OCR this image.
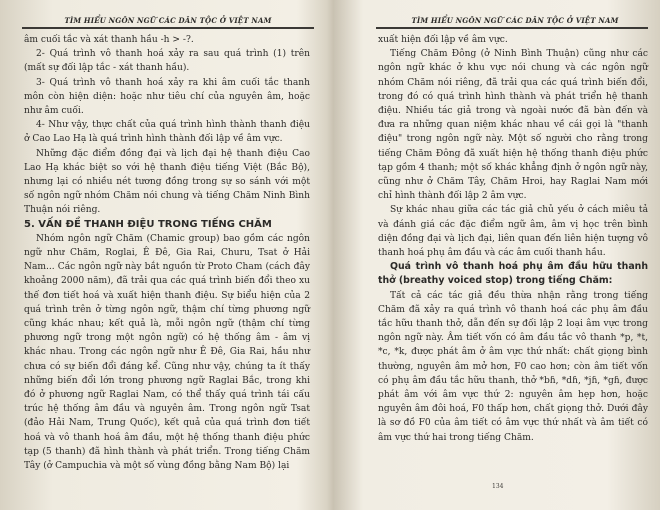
TÌM HIỂU NGÔN NGỮ CÁC DÂN TỘC Ở VIỆT NAM

âm cuối tắc và xát thanh hầu -h > -?.

2- Quá trình vô thanh hoá xảy ra sau quá trình (1) trên (mất sự đối lập tắc - xát thanh hầu).

3- Quá trình vô thanh hoá xảy ra khi âm cuối tắc thanh môn còn hiện diện: hoặc như tiêu chí của nguyên âm, hoặc như âm cuối.

4- Như vậy, thực chất của quá trình hình thành thanh điệu ở Cao Lao Hạ là quá trình hình thành đối lập về âm vực.

Những đặc điểm đồng đại và lịch đại hệ thanh điệu Cao Lao Hạ khác biệt so với hệ thanh điệu tiếng Việt (Bắc Bộ), nhưng lại có nhiều nét tương đồng trong sự so sánh với một số ngôn ngữ nhóm Chăm nói chung và tiếng Chăm Ninh Bình Thuận nói riêng.

5. VẤN ĐỀ THANH ĐIỆU TRONG TIẾNG CHĂM

Nhóm ngôn ngữ Chăm (Chamic group) bao gồm các ngôn ngữ như Chăm, Roglai, Ê Đê, Gia Rai, Churu, Tsat ở Hải Nam... Các ngôn ngữ này bắt nguồn từ Proto Cham (cách đây khoảng 2000 năm), đã trải qua các quá trình biến đổi theo xu thế đơn tiết hoá và xuất hiện thanh điệu. Sự biểu hiện của 2 quá trình trên ở từng ngôn ngữ, thậm chí từng phương ngữ cũng khác nhau; kết quả là, mỗi ngôn ngữ (thậm chí từng phương ngữ trong một ngôn ngữ) có hệ thống âm - âm vị khác nhau. Trong các ngôn ngữ như Ê Đê, Gia Rai, hầu như chưa có sự biến đổi đáng kể. Cũng như vậy, chúng ta ít thấy những biến đổi lớn trong phương ngữ Raglai Bắc, trong khi đó ở phương ngữ Raglai Nam, có thể thấy quá trình tái cấu trúc hệ thống âm đầu và nguyên âm. Trong ngôn ngữ Tsat (đảo Hải Nam, Trung Quốc), kết quả của quá trình đơn tiết hoá và vô thanh hoá âm đầu, một hệ thống thanh điệu phức tạp (5 thanh) đã hình thành và phát triển. Trong tiếng Chăm Tây (ở Campuchia và một số vùng đồng bằng Nam Bộ) lại

TÌM HIỂU NGÔN NGỮ CÁC DÂN TỘC Ở VIỆT NAM

xuất hiện đối lập về âm vực.

Tiếng Chăm Đông (ở Ninh Bình Thuận) cũng như các ngôn ngữ khác ở khu vực nói chung và các ngôn ngữ nhóm Chăm nói riêng, đã trải qua các quá trình biến đổi, trong đó có quá trình hình thành và phát triển hệ thanh điệu. Nhiều tác giả trong và ngoài nước đã bàn đến và đưa ra những quan niệm khác nhau về cái gọi là "thanh điệu" trong ngôn ngữ này. Một số người cho rằng trong tiếng Chăm Đông đã xuất hiện hệ thống thanh điệu phức tạp gồm 4 thanh; một số khác khẳng định ở ngôn ngữ này, cũng như ở Chăm Tây, Chăm Hroi, hay Raglai Nam mới chỉ hình thành đối lập 2 âm vực.

Sự khác nhau giữa các tác giả chủ yếu ở cách miêu tả và đánh giá các đặc điểm ngữ âm, âm vị học trên bình diện đồng đại và lịch đại, liên quan đến liên hiện tượng vô thanh hoá phụ âm đầu và các âm cuối thanh hầu.

Quá trình vô thanh hoá phụ âm đầu hữu thanh thở (breathy voiced stop) trong tiếng Chăm:

Tất cả các tác giả đều thừa nhận rằng trong tiếng Chăm đã xảy ra quá trình vô thanh hoá các phụ âm đầu tắc hữu thanh thở, dẫn đến sự đối lập 2 loại âm vực trong ngôn ngữ này. Âm tiết vốn có âm đầu tắc vô thanh *p, *t, *c, *k, được phát âm ở âm vực thứ nhất: chất giọng bình thường, nguyên âm mở hơn, F0 cao hơn; còn âm tiết vốn có phụ âm đầu tắc hữu thanh, thở *bɦ, *dɦ, *jɦ, *gɦ, được phát âm với âm vực thứ 2: nguyên âm hẹp hơn, hoặc nguyên âm đôi hoá, F0 thấp hơn, chất giọng thở. Dưới đây là sơ đồ F0 của âm tiết có âm vực thứ nhất và âm tiết có âm vực thứ hai trong tiếng Chăm.

134
